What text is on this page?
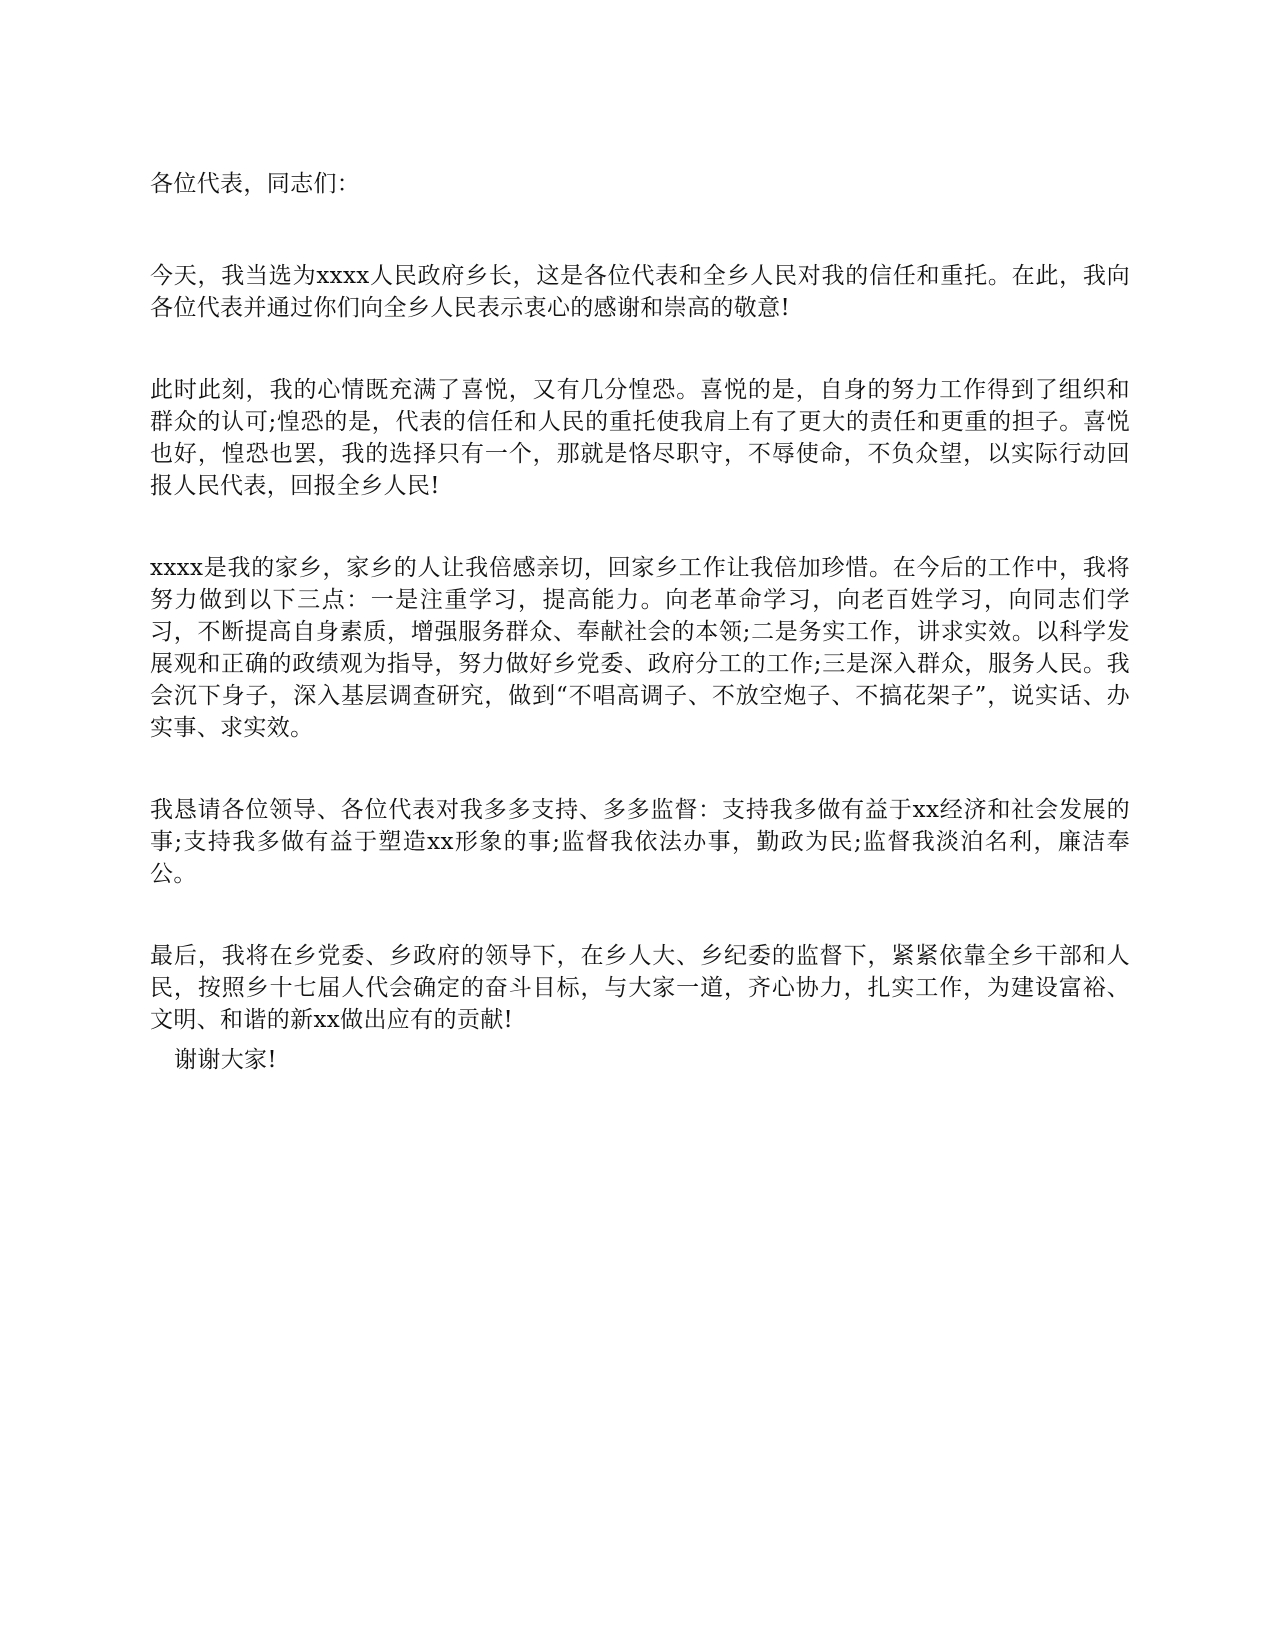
各位代表，同志们：

今天，我当选为xxxx人民政府乡长，这是各位代表和全乡人民对我的信任和重托。在此，我向各位代表并通过你们向全乡人民表示衷心的感谢和崇高的敬意!

此时此刻，我的心情既充满了喜悦，又有几分惶恐。喜悦的是，自身的努力工作得到了组织和群众的认可;惶恐的是，代表的信任和人民的重托使我肩上有了更大的责任和更重的担子。喜悦也好，惶恐也罢，我的选择只有一个，那就是恪尽职守，不辱使命，不负众望，以实际行动回报人民代表，回报全乡人民!

xxxx是我的家乡，家乡的人让我倍感亲切，回家乡工作让我倍加珍惜。在今后的工作中，我将努力做到以下三点：一是注重学习，提高能力。向老革命学习，向老百姓学习，向同志们学习，不断提高自身素质，增强服务群众、奉献社会的本领;二是务实工作，讲求实效。以科学发展观和正确的政绩观为指导，努力做好乡党委、政府分工的工作;三是深入群众，服务人民。我会沉下身子，深入基层调查研究，做到“不唱高调子、不放空炮子、不搞花架子”，说实话、办实事、求实效。

我恳请各位领导、各位代表对我多多支持、多多监督：支持我多做有益于xx经济和社会发展的事;支持我多做有益于塑造xx形象的事;监督我依法办事，勤政为民;监督我淡泊名利，廉洁奉公。

最后，我将在乡党委、乡政府的领导下，在乡人大、乡纪委的监督下，紧紧依靠全乡干部和人民，按照乡十七届人代会确定的奋斗目标，与大家一道，齐心协力，扎实工作，为建设富裕、文明、和谐的新xx做出应有的贡献!

谢谢大家!
